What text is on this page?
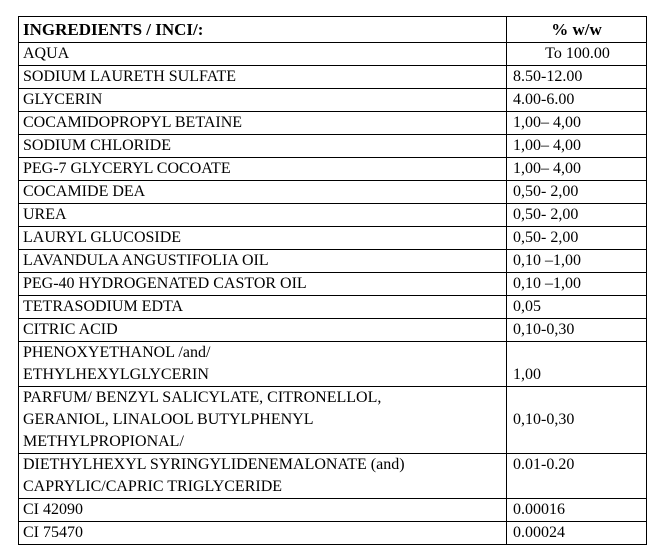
INGREDIENTS / INCI/:	% w/w

AQUA	To 100.00

SODIUM LAURETH SULFATE	8.50-12.00

GLYCERIN	4.00-6.00

COCAMIDOPROPYL BETAINE	1,00– 4,00

SODIUM CHLORIDE	1,00– 4,00

PEG-7 GLYCERYL COCOATE	1,00– 4,00

COCAMIDE DEA	0,50- 2,00

UREA	0,50- 2,00

LAURYL GLUCOSIDE	0,50- 2,00

LAVANDULA ANGUSTIFOLIA OIL	0,10 –1,00

PEG-40 HYDROGENATED CASTOR OIL	0,10 –1,00

TETRASODIUM EDTA	0,05

CITRIC ACID	0,10-0,30

PHENOXYETHANOL /and/
ETHYLHEXYLGLYCERIN	1,00

PARFUM/ BENZYL SALICYLATE, CITRONELLOL,
GERANIOL, LINALOOL BUTYLPHENYL
METHYLPROPIONAL/	0,10-0,30

DIETHYLHEXYL SYRINGYLIDENEMALONATE (and)
CAPRYLIC/CAPRIC TRIGLYCERIDE	0.01-0.20

CI 42090	0.00016

CI 75470	0.00024
